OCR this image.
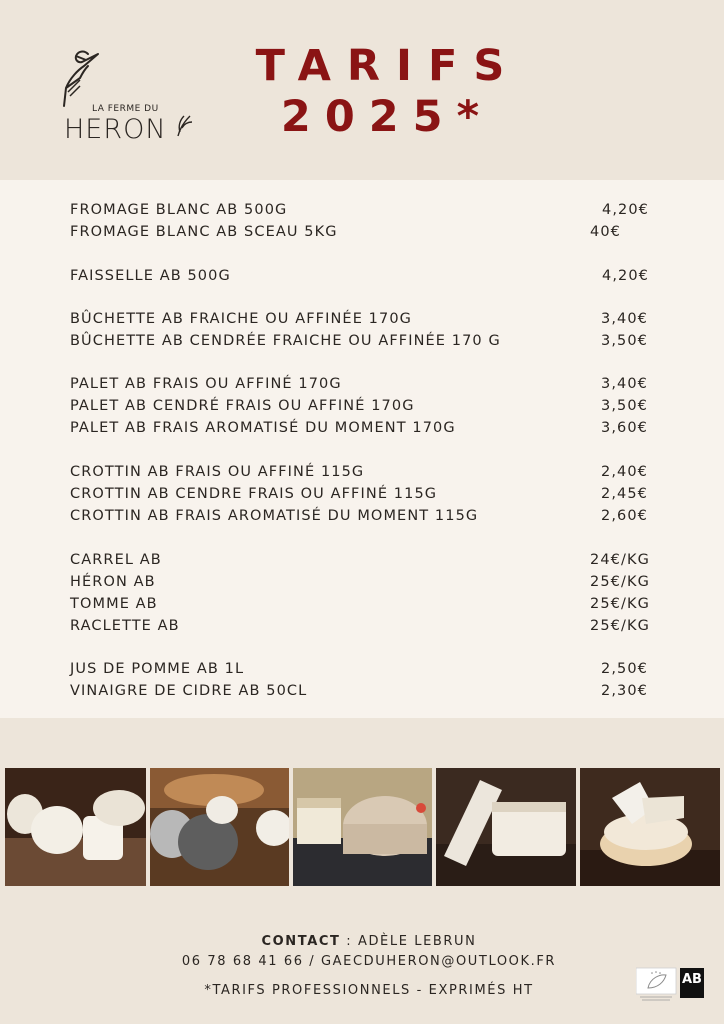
LA FERME DU
HERON
TARIFS
2025*
FROMAGE BLANC AB 500G	4,20€
FROMAGE BLANC AB SCEAU 5KG	40€
FAISSELLE AB 500G	4,20€
BÛCHETTE AB FRAICHE OU AFFINÉE 170G	3,40€
BÛCHETTE AB CENDRÉE FRAICHE OU AFFINÉE 170 G	3,50€
PALET AB FRAIS OU AFFINÉ 170G	3,40€
PALET AB CENDRÉ FRAIS OU AFFINÉ 170G	3,50€
PALET AB FRAIS AROMATISÉ DU MOMENT 170G	3,60€
CROTTIN AB FRAIS OU AFFINÉ 115G	2,40€
CROTTIN AB CENDRE FRAIS OU AFFINÉ 115G	2,45€
CROTTIN AB FRAIS AROMATISÉ DU MOMENT 115G	2,60€
CARREL AB	24€/KG
HÉRON AB	25€/KG
TOMME AB	25€/KG
RACLETTE AB	25€/KG
JUS DE POMME AB 1L	2,50€
VINAIGRE DE CIDRE AB 50CL	2,30€
CONTACT : ADÈLE LEBRUN
06 78 68 41 66 / GAECDUHERON@OUTLOOK.FR
*TARIFS PROFESSIONNELS - EXPRIMÉS HT
AB
